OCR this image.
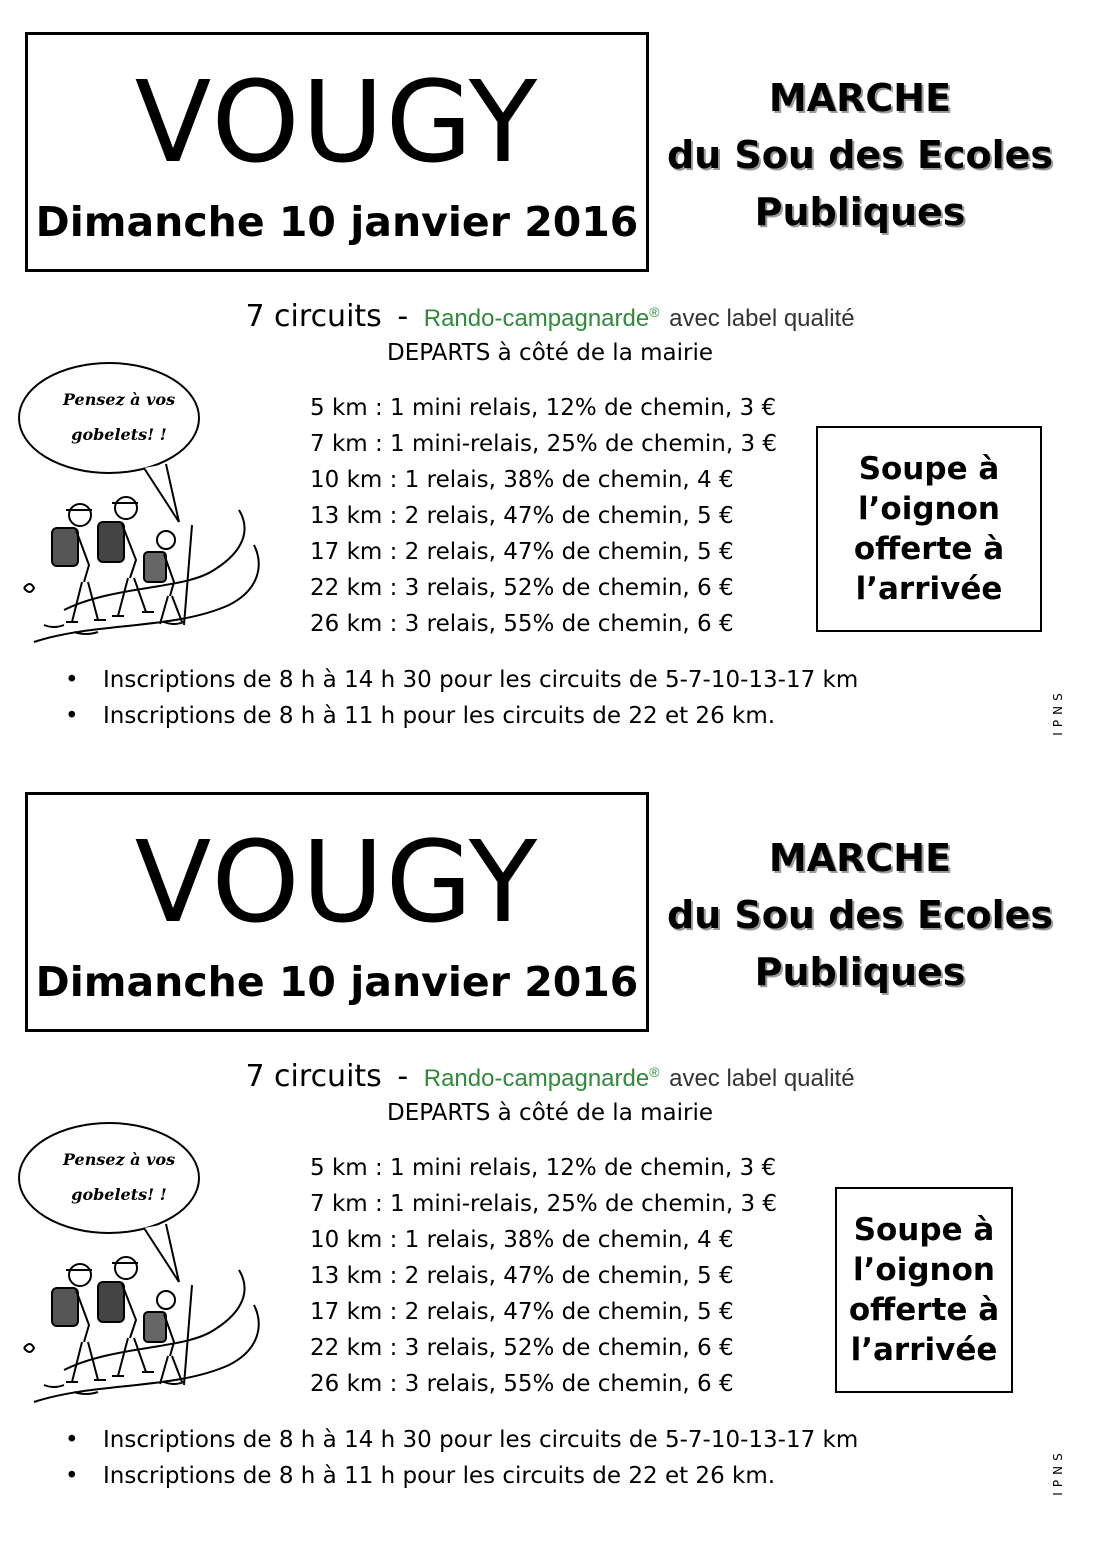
VOUGY
Dimanche 10 janvier 2016
MARCHE
du Sou des Ecoles
Publiques
7 circuits - Rando-campagnarde® avec label qualité
DEPARTS à côté de la mairie
Pensez à vos
gobelets! !
5 km : 1 mini relais, 12% de chemin, 3 €
7 km : 1 mini-relais, 25% de chemin, 3 €
10 km : 1 relais, 38% de chemin, 4 €
13 km : 2 relais, 47% de chemin, 5 €
17 km : 2 relais, 47% de chemin, 5 €
22 km : 3 relais, 52% de chemin, 6 €
26 km : 3 relais, 55% de chemin, 6 €
Soupe à
l’oignon
offerte à
l’arrivée
• Inscriptions de 8 h à 14 h 30 pour les circuits de 5-7-10-13-17 km
• Inscriptions de 8 h à 11 h pour les circuits de 22 et 26 km.	IPNS
VOUGY
Dimanche 10 janvier 2016
MARCHE
du Sou des Ecoles
Publiques
7 circuits - Rando-campagnarde® avec label qualité
DEPARTS à côté de la mairie
Pensez à vos
gobelets! !
5 km : 1 mini relais, 12% de chemin, 3 €
7 km : 1 mini-relais, 25% de chemin, 3 €
10 km : 1 relais, 38% de chemin, 4 €
13 km : 2 relais, 47% de chemin, 5 €
17 km : 2 relais, 47% de chemin, 5 €
22 km : 3 relais, 52% de chemin, 6 €
26 km : 3 relais, 55% de chemin, 6 €
Soupe à
l’oignon
offerte à
l’arrivée
• Inscriptions de 8 h à 14 h 30 pour les circuits de 5-7-10-13-17 km
• Inscriptions de 8 h à 11 h pour les circuits de 22 et 26 km.	IPNS
